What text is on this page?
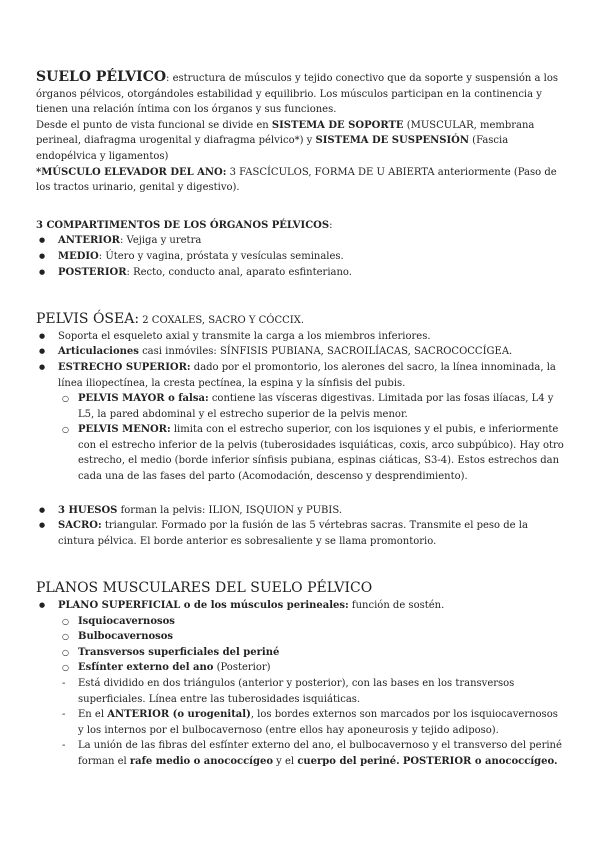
SUELO PÉLVICO: estructura de músculos y tejido conectivo que da soporte y suspensión a los órganos pélvicos, otorgándoles estabilidad y equilibrio. Los músculos participan en la continencia y tienen una relación íntima con los órganos y sus funciones.

Desde el punto de vista funcional se divide en SISTEMA DE SOPORTE (MUSCULAR, membrana perineal, diafragma urogenital y diafragma pélvico*) y SISTEMA DE SUSPENSIÓN (Fascia endopélvica y ligamentos)

*MÚSCULO ELEVADOR DEL ANO: 3 FASCÍCULOS, FORMA DE U ABIERTA anteriormente (Paso de los tractos urinario, genital y digestivo).

3 COMPARTIMENTOS DE LOS ÓRGANOS PÉLVICOS:

● ANTERIOR: Vejiga y uretra
● MEDIO: Útero y vagina, próstata y vesículas seminales.
● POSTERIOR: Recto, conducto anal, aparato esfinteriano.

PELVIS ÓSEA: 2 COXALES, SACRO Y CÓCCIX.

● Soporta el esqueleto axial y transmite la carga a los miembros inferiores.
● Articulaciones casi inmóviles: SÍNFISIS PUBIANA, SACROILÍACAS, SACROCOCCÍGEA.
● ESTRECHO SUPERIOR: dado por el promontorio, los alerones del sacro, la línea innominada, la línea iliopectínea, la cresta pectínea, la espina y la sínfisis del pubis.
○ PELVIS MAYOR o falsa: contiene las vísceras digestivas. Limitada por las fosas ilíacas, L4 y L5, la pared abdominal y el estrecho superior de la pelvis menor.
○ PELVIS MENOR: limita con el estrecho superior, con los isquiones y el pubis, e inferiormente con el estrecho inferior de la pelvis (tuberosidades isquiáticas, coxis, arco subpúbico). Hay otro estrecho, el medio (borde inferior sínfisis pubiana, espinas ciáticas, S3-4). Estos estrechos dan cada una de las fases del parto (Acomodación, descenso y desprendimiento).
● 3 HUESOS forman la pelvis: ILION, ISQUION y PUBIS.
● SACRO: triangular. Formado por la fusión de las 5 vértebras sacras. Transmite el peso de la cintura pélvica. El borde anterior es sobresaliente y se llama promontorio.

PLANOS MUSCULARES DEL SUELO PÉLVICO

● PLANO SUPERFICIAL o de los músculos perineales: función de sostén.
○ Isquiocavernosos
○ Bulbocavernosos
○ Transversos superficiales del periné
○ Esfínter externo del ano (Posterior)
- Está dividido en dos triángulos (anterior y posterior), con las bases en los transversos superficiales. Línea entre las tuberosidades isquiáticas.
- En el ANTERIOR (o urogenital), los bordes externos son marcados por los isquiocavernosos y los internos por el bulbocavernoso (entre ellos hay aponeurosis y tejido adiposo).
- La unión de las fibras del esfínter externo del ano, el bulbocavernoso y el transverso del periné forman el rafe medio o anococcígeo y el cuerpo del periné. POSTERIOR o anococcígeo.
